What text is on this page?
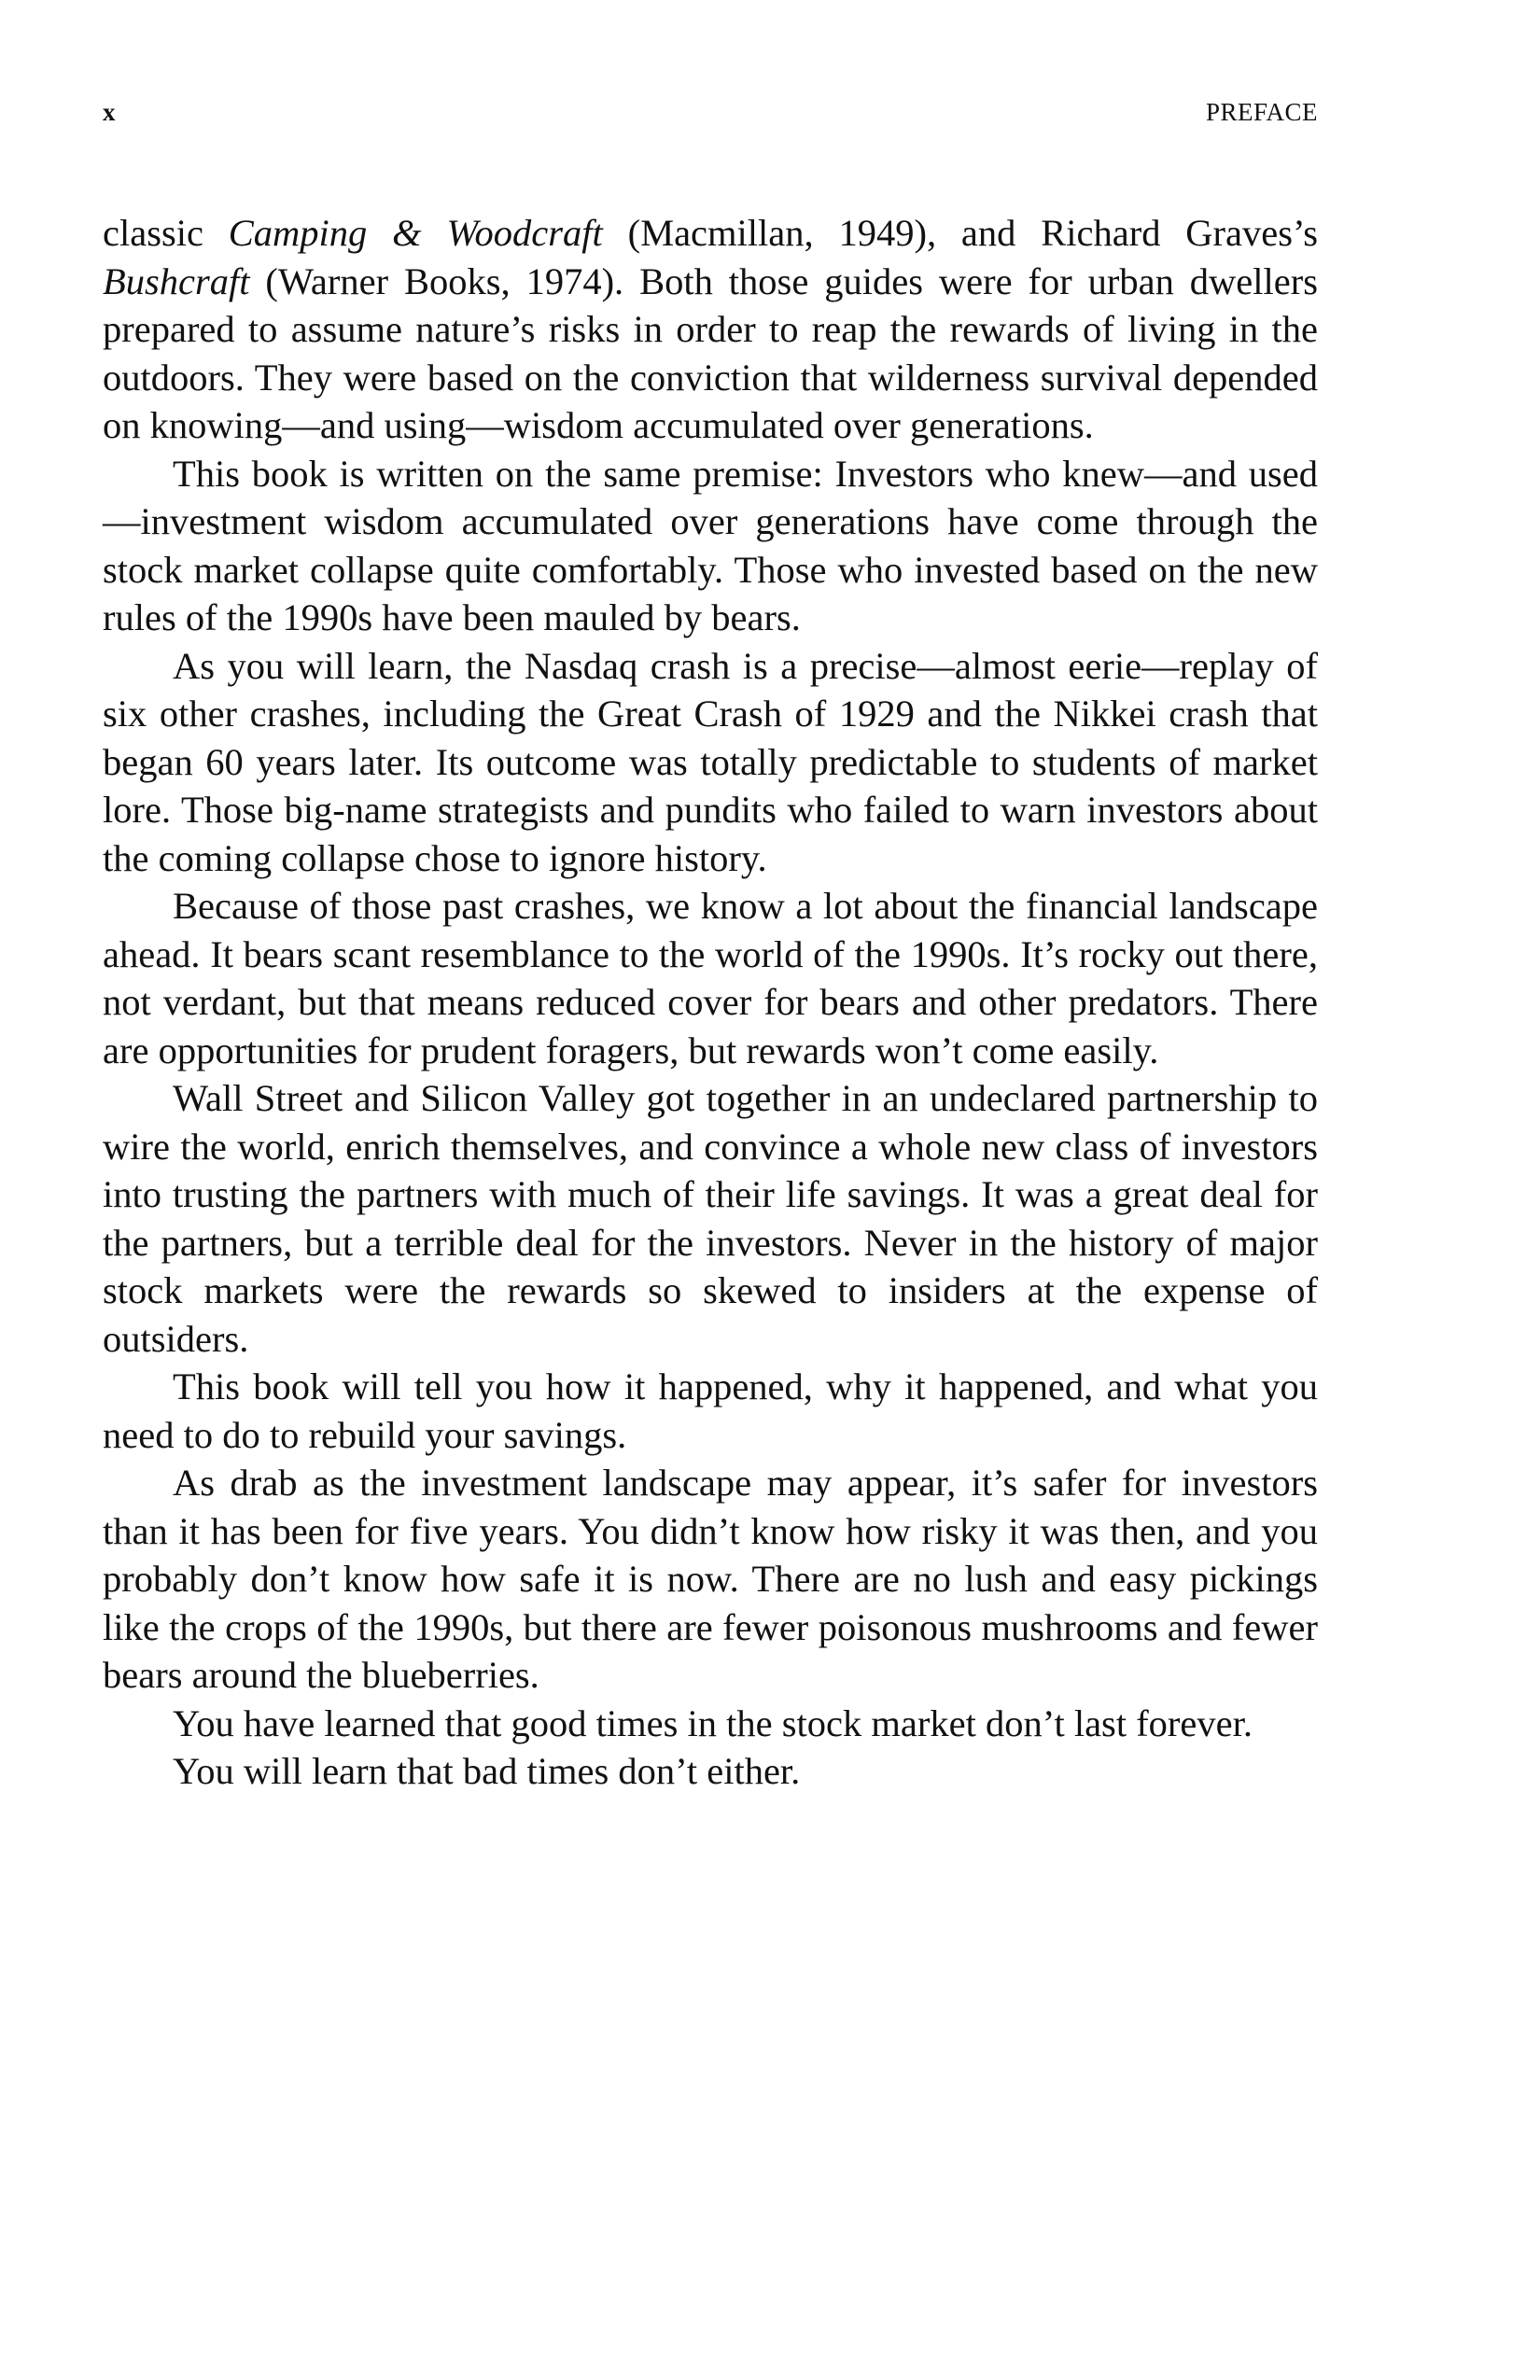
x	PREFACE

classic Camping & Woodcraft (Macmillan, 1949), and Richard Graves’s Bushcraft (Warner Books, 1974). Both those guides were for urban dwellers prepared to assume nature’s risks in order to reap the rewards of living in the outdoors. They were based on the conviction that wilderness survival depended on knowing—and using—wisdom accumulated over generations.

This book is written on the same premise: Investors who knew—and used—investment wisdom accumulated over generations have come through the stock market collapse quite comfortably. Those who invested based on the new rules of the 1990s have been mauled by bears.

As you will learn, the Nasdaq crash is a precise—almost eerie—replay of six other crashes, including the Great Crash of 1929 and the Nikkei crash that began 60 years later. Its outcome was totally predictable to students of market lore. Those big-name strategists and pundits who failed to warn investors about the coming collapse chose to ignore history.

Because of those past crashes, we know a lot about the financial landscape ahead. It bears scant resemblance to the world of the 1990s. It’s rocky out there, not verdant, but that means reduced cover for bears and other predators. There are opportunities for prudent foragers, but rewards won’t come easily.

Wall Street and Silicon Valley got together in an undeclared partnership to wire the world, enrich themselves, and convince a whole new class of investors into trusting the partners with much of their life savings. It was a great deal for the partners, but a terrible deal for the investors. Never in the history of major stock markets were the rewards so skewed to insiders at the expense of outsiders.

This book will tell you how it happened, why it happened, and what you need to do to rebuild your savings.

As drab as the investment landscape may appear, it’s safer for investors than it has been for five years. You didn’t know how risky it was then, and you probably don’t know how safe it is now. There are no lush and easy pickings like the crops of the 1990s, but there are fewer poisonous mushrooms and fewer bears around the blueberries.

You have learned that good times in the stock market don’t last forever.

You will learn that bad times don’t either.
